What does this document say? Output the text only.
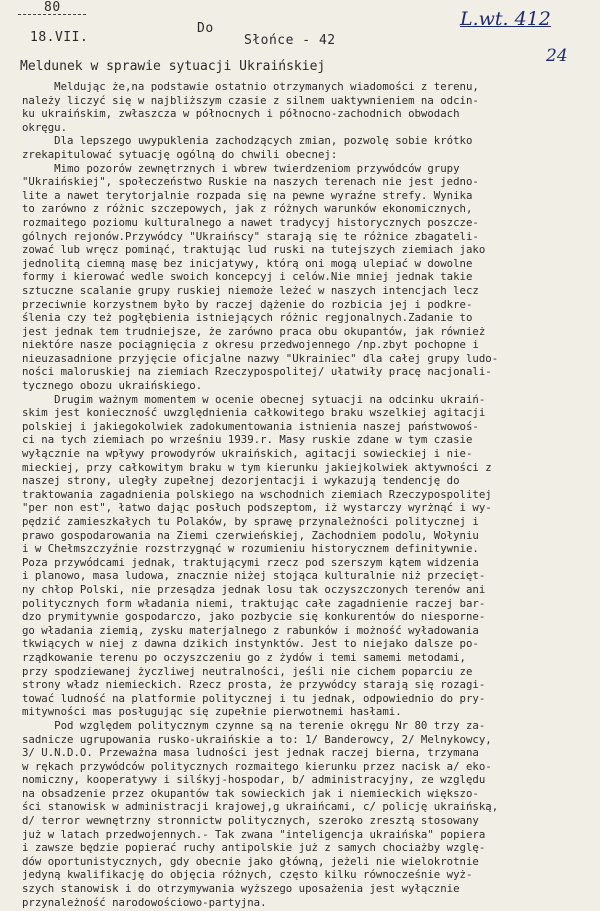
80
18.VII.
Do
Słońce - 42
L.wt. 412
24
Meldunek w sprawie sytuacji Ukraińskiej
Meldując że,na podstawie ostatnio otrzymanych wiadomości z terenu,
należy liczyć się w najbliższym czasie z silnem uaktywnieniem na odcin-
ku ukraińskim, zwłaszcza w północnych i północno-zachodnich obwodach
okręgu.
Dla lepszego uwypuklenia zachodzących zmian, pozwolę sobie krótko
zrekapitulować sytuację ogólną do chwili obecnej:
Mimo pozorów zewnętrznych i wbrew twierdzeniom przywódców grupy
"Ukraińskiej", społeczeństwo Ruskie na naszych terenach nie jest jedno-
lite a nawet terytorjalnie rozpada się na pewne wyraźne strefy. Wynika
to zarówno z różnic szczepowych, jak z różnych warunków ekonomicznych,
rozmaitego poziomu kulturalnego a nawet tradycyj historycznych poszcze-
gólnych rejonów.Przywódcy "Ukraińscy" starają się te różnice zbagateli-
zować lub wręcz pominąć, traktując lud ruski na tutejszych ziemiach jako
jednolitą ciemną masę bez inicjatywy, którą oni mogą ulepiać w dowolne
formy i kierować wedle swoich koncepcyj i celów.Nie mniej jednak takie
sztuczne scalanie grupy ruskiej niemoże leżeć w naszych intencjach lecz
przeciwnie korzystnem było by raczej dążenie do rozbicia jej i podkre-
ślenia czy też pogłębienia istniejących różnic regjonalnych.Zadanie to
jest jednak tem trudniejsze, że zarówno praca obu okupantów, jak również
niektóre nasze pociągnięcia z okresu przedwojennego /np.zbyt pochopne i
nieuzasadnione przyjęcie oficjalne nazwy "Ukrainiec" dla całej grupy ludo-
ności maloruskiej na ziemiach Rzeczypospolitej/ ułatwiły pracę nacjonali-
tycznego obozu ukraińskiego.
Drugim ważnym momentem w ocenie obecnej sytuacji na odcinku ukraiń-
skim jest konieczność uwzględnienia całkowitego braku wszelkiej agitacji
polskiej i jakiegokolwiek zadokumentowania istnienia naszej państwowoś-
ci na tych ziemiach po wrześniu 1939.r. Masy ruskie zdane w tym czasie
wyłącznie na wpływy prowodyrów ukraińskich, agitacji sowieckiej i nie-
mieckiej, przy całkowitym braku w tym kierunku jakiejkolwiek aktywności z
naszej strony, uległy zupełnej dezorjentacji i wykazują tendencję do
traktowania zagadnienia polskiego na wschodnich ziemiach Rzeczypospolitej
"per non est", łatwo dając posłuch podszeptom, iż wystarczy wyrżnąć i wy-
pędzić zamieszkałych tu Polaków, by sprawę przynależności politycznej i
prawo gospodarowania na Ziemi czerwieńskiej, Zachodniem podolu, Wołyniu
i w Chełmszczyźnie rozstrzygnąć w rozumieniu historycznem definitywnie.
Poza przywódcami jednak, traktującymi rzecz pod szerszym kątem widzenia
i planowo, masa ludowa, znacznie niżej stojąca kulturalnie niż przecięt-
ny chłop Polski, nie przesądza jednak losu tak oczyszczonych terenów ani
politycznych form władania niemi, traktując całe zagadnienie raczej bar-
dzo prymitywnie gospodarczo, jako pozbycie się konkurentów do niesporne-
go władania ziemią, zysku materjalnego z rabunków i możność wyładowania
tkwiących w niej z dawna dzikich instynktów. Jest to niejako dalsze po-
rządkowanie terenu po oczyszczeniu go z żydów i temi samemi metodami,
przy spodziewanej życzliwej neutralności, jeśli nie cichem poparciu ze
strony władz niemieckich. Rzecz prosta, że przywódcy starają się rozagi-
tować ludność na platformie politycznej i tu jednak, odpowiednio do pry-
mitywności mas posługując się zupełnie pierwotnemi hasłami.
Pod względem politycznym czynne są na terenie okręgu Nr 80 trzy za-
sadnicze ugrupowania rusko-ukraińskie a to: 1/ Banderowcy, 2/ Melnykowcy,
3/ U.N.D.O. Przeważna masa ludności jest jednak raczej bierna, trzymana
w rękach przywódców politycznych rozmaitego kierunku przez nacisk a/ eko-
nomiczny, kooperatywy i silśkyj-hospodar, b/ administracyjny, ze względu
na obsadzenie przez okupantów tak sowieckich jak i niemieckich większo-
ści stanowisk w administracji krajowej,g ukraińcami, c/ policję ukraińską,
d/ terror wewnętrzny stronnictw politycznych, szeroko zresztą stosowany
już w latach przedwojennych.- Tak zwana "inteligencja ukraińska" popiera
i zawsze będzie popierać ruchy antipolskie już z samych chociażby wzglę-
dów oportunistycznych, gdy obecnie jako główną, jeżeli nie wielokrotnie
jedyną kwalifikację do objęcia różnych, często kilku równocześnie wyż-
szych stanowisk i do otrzymywania wyższego uposażenia jest wyłącznie
przynależność narodowościowo-partyjna.
